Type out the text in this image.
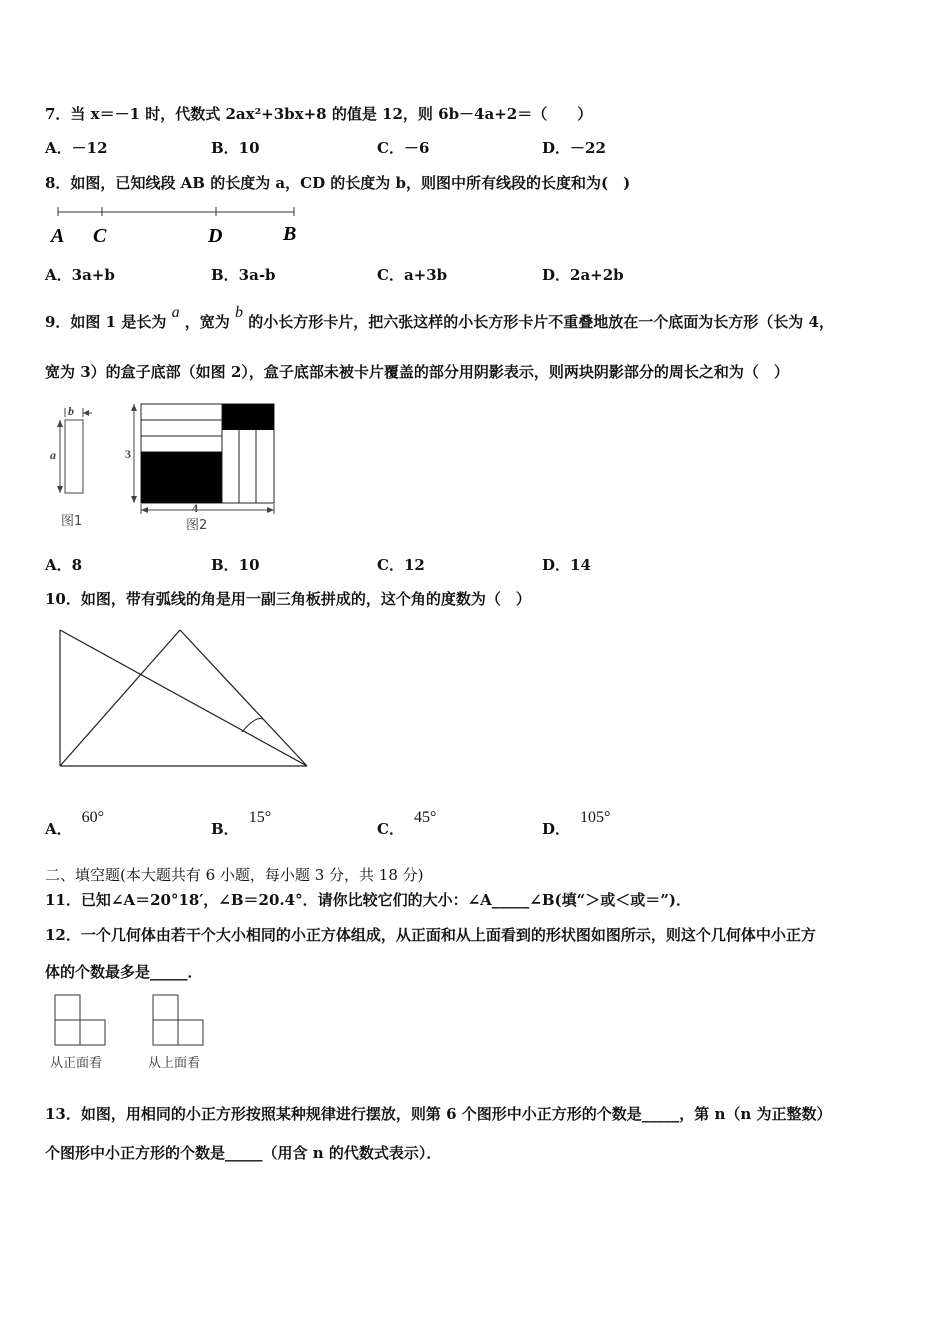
7．当 x＝－1 时，代数式 2ax²+3bx+8 的值是 12，则 6b－4a+2＝（　　）
A．－12	B．10	C．－6	D．－22
8．如图，已知线段 AB 的长度为 a，CD 的长度为 b，则图中所有线段的长度和为(　)
A C	D	B
A．3a+b	B．3a-b	C．a+3b	D．2a+2b
9．如图 1 是长为 a ，宽为 b 的小长方形卡片，把六张这样的小长方形卡片不重叠地放在一个底面为长方形（长为 4，
宽为 3）的盒子底部（如图 2），盒子底部未被卡片覆盖的部分用阴影表示，则两块阴影部分的周长之和为（　）
b
a
图1
3
4
图2
A．8	B．10	C．12	D．14
10．如图，带有弧线的角是用一副三角板拼成的，这个角的度数为（　）
A．60°
B．15°
C．45°
D．105°
二、填空题(本大题共有 6 小题，每小题 3 分，共 18 分)
11．已知∠A＝20°18′，∠B＝20.4°．请你比较它们的大小：∠A_____∠B(填“＞或＜或＝”)．
12．一个几何体由若干个大小相同的小正方体组成，从正面和从上面看到的形状图如图所示，则这个几何体中小正方
体的个数最多是_____．
从正面看	从上面看
13．如图，用相同的小正方形按照某种规律进行摆放，则第 6 个图形中小正方形的个数是_____，第 n（n 为正整数）
个图形中小正方形的个数是_____（用含 n 的代数式表示）．
